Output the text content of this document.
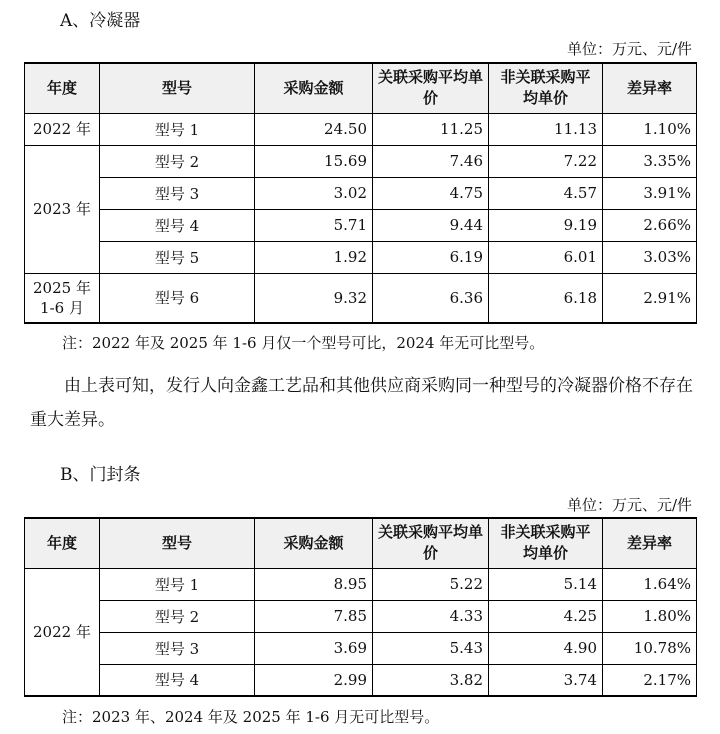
A、冷凝器
单位：万元、元/件
年度	型号	采购金额	关联采购平均单价	非关联采购平均单价	差异率
2022 年	型号 1	24.50	11.25	11.13	1.10%
2023 年	型号 2	15.69	7.46	7.22	3.35%
	型号 3	3.02	4.75	4.57	3.91%
	型号 4	5.71	9.44	9.19	2.66%
	型号 5	1.92	6.19	6.01	3.03%
2025 年 1-6 月	型号 6	9.32	6.36	6.18	2.91%
注：2022 年及 2025 年 1-6 月仅一个型号可比，2024 年无可比型号。
由上表可知，发行人向金鑫工艺品和其他供应商采购同一种型号的冷凝器价格不存在重大差异。
B、门封条
单位：万元、元/件
年度	型号	采购金额	关联采购平均单价	非关联采购平均单价	差异率
2022 年	型号 1	8.95	5.22	5.14	1.64%
	型号 2	7.85	4.33	4.25	1.80%
	型号 3	3.69	5.43	4.90	10.78%
	型号 4	2.99	3.82	3.74	2.17%
注：2023 年、2024 年及 2025 年 1-6 月无可比型号。
